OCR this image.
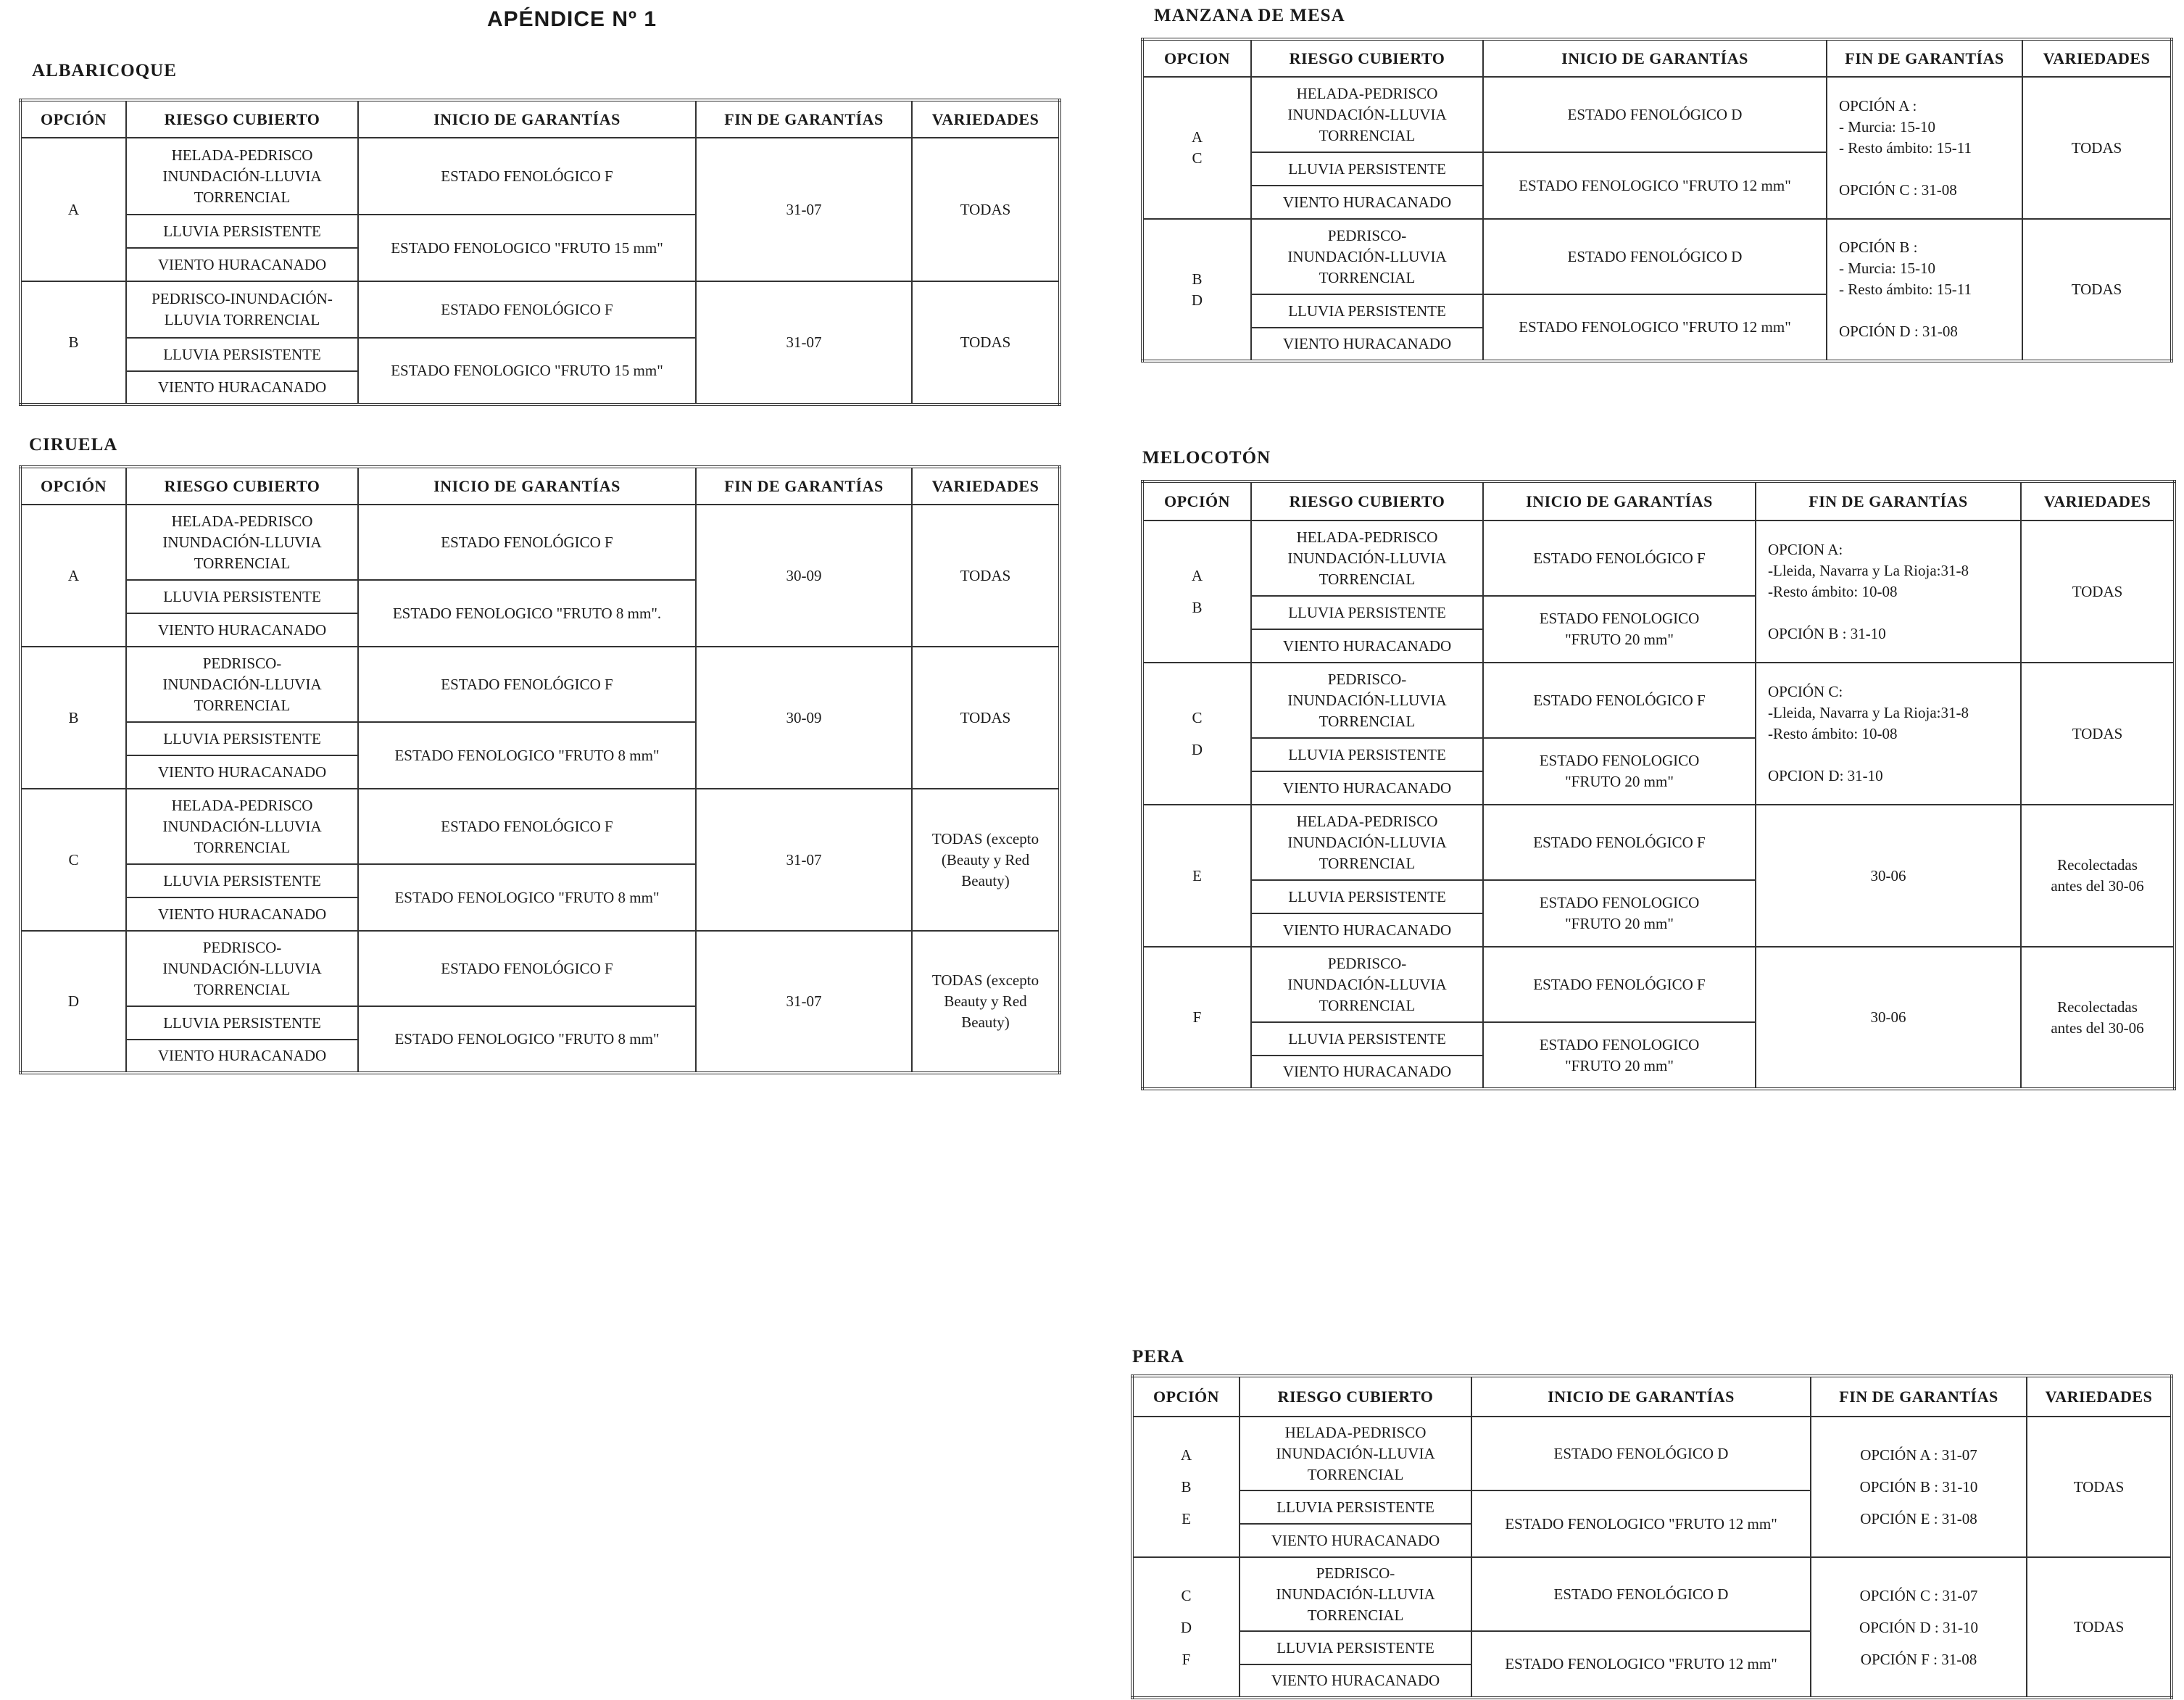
APÉNDICE Nº 1
ALBARICOQUE
OPCIÓN	RIESGO CUBIERTO	INICIO DE GARANTÍAS	FIN DE GARANTÍAS	VARIEDADES
A	HELADA-PEDRISCO
INUNDACIÓN-LLUVIA
TORRENCIAL	ESTADO FENOLÓGICO F	31-07	TODAS
	LLUVIA PERSISTENTE	ESTADO FENOLOGICO "FRUTO 15 mm"		
	VIENTO HURACANADO			
B	PEDRISCO-INUNDACIÓN-
LLUVIA TORRENCIAL	ESTADO FENOLÓGICO F	31-07	TODAS
	LLUVIA PERSISTENTE	ESTADO FENOLOGICO "FRUTO 15 mm"		
	VIENTO HURACANADO			
CIRUELA
OPCIÓN	RIESGO CUBIERTO	INICIO DE GARANTÍAS	FIN DE GARANTÍAS	VARIEDADES
A	HELADA-PEDRISCO
INUNDACIÓN-LLUVIA
TORRENCIAL	ESTADO FENOLÓGICO F	30-09	TODAS
	LLUVIA PERSISTENTE	ESTADO FENOLOGICO "FRUTO 8 mm".		
	VIENTO HURACANADO			
B	PEDRISCO-
INUNDACIÓN-LLUVIA
TORRENCIAL	ESTADO FENOLÓGICO F	30-09	TODAS
	LLUVIA PERSISTENTE	ESTADO FENOLOGICO "FRUTO 8 mm"		
	VIENTO HURACANADO			
C	HELADA-PEDRISCO
INUNDACIÓN-LLUVIA
TORRENCIAL	ESTADO FENOLÓGICO F	31-07	TODAS (excepto
(Beauty y Red
Beauty)
	LLUVIA PERSISTENTE	ESTADO FENOLOGICO "FRUTO 8 mm"		
	VIENTO HURACANADO			
D	PEDRISCO-
INUNDACIÓN-LLUVIA
TORRENCIAL	ESTADO FENOLÓGICO F	31-07	TODAS (excepto
Beauty y Red
Beauty)
	LLUVIA PERSISTENTE	ESTADO FENOLOGICO "FRUTO 8 mm"		
	VIENTO HURACANADO			
MANZANA DE MESA
OPCION	RIESGO CUBIERTO	INICIO DE GARANTÍAS	FIN DE GARANTÍAS	VARIEDADES
A
C	HELADA-PEDRISCO
INUNDACIÓN-LLUVIA
TORRENCIAL	ESTADO FENOLÓGICO D	OPCIÓN A :
- Murcia: 15-10
- Resto ámbito: 15-11

OPCIÓN C : 31-08	TODAS
	LLUVIA PERSISTENTE	ESTADO FENOLOGICO "FRUTO 12 mm"		
	VIENTO HURACANADO			
B
D	PEDRISCO-
INUNDACIÓN-LLUVIA
TORRENCIAL	ESTADO FENOLÓGICO D	OPCIÓN B :
- Murcia: 15-10
- Resto ámbito: 15-11

OPCIÓN D : 31-08	TODAS
	LLUVIA PERSISTENTE	ESTADO FENOLOGICO "FRUTO 12 mm"		
	VIENTO HURACANADO			
MELOCOTÓN
OPCIÓN	RIESGO CUBIERTO	INICIO DE GARANTÍAS	FIN DE GARANTÍAS	VARIEDADES
A
B	HELADA-PEDRISCO
INUNDACIÓN-LLUVIA
TORRENCIAL	ESTADO FENOLÓGICO F	OPCION A:
-Lleida, Navarra y La Rioja:31-8
-Resto ámbito: 10-08

OPCIÓN B : 31-10	TODAS
	LLUVIA PERSISTENTE	ESTADO FENOLOGICO
"FRUTO 20 mm"		
	VIENTO HURACANADO			
C
D	PEDRISCO-
INUNDACIÓN-LLUVIA
TORRENCIAL	ESTADO FENOLÓGICO F	OPCIÓN C:
-Lleida, Navarra y La Rioja:31-8
-Resto ámbito: 10-08

OPCION D: 31-10	TODAS
	LLUVIA PERSISTENTE	ESTADO FENOLOGICO
"FRUTO 20 mm"		
	VIENTO HURACANADO			
E	HELADA-PEDRISCO
INUNDACIÓN-LLUVIA
TORRENCIAL	ESTADO FENOLÓGICO F	30-06	Recolectadas
antes del 30-06
	LLUVIA PERSISTENTE	ESTADO FENOLOGICO
"FRUTO 20 mm"		
	VIENTO HURACANADO			
F	PEDRISCO-
INUNDACIÓN-LLUVIA
TORRENCIAL	ESTADO FENOLÓGICO F	30-06	Recolectadas
antes del 30-06
	LLUVIA PERSISTENTE	ESTADO FENOLOGICO
"FRUTO 20 mm"		
	VIENTO HURACANADO			
PERA
OPCIÓN	RIESGO CUBIERTO	INICIO DE GARANTÍAS	FIN DE GARANTÍAS	VARIEDADES
A
B
E	HELADA-PEDRISCO
INUNDACIÓN-LLUVIA
TORRENCIAL	ESTADO FENOLÓGICO D	OPCIÓN A : 31-07
OPCIÓN B : 31-10
OPCIÓN E : 31-08	TODAS
	LLUVIA PERSISTENTE	ESTADO FENOLOGICO "FRUTO 12 mm"		
	VIENTO HURACANADO			
C
D
F	PEDRISCO-
INUNDACIÓN-LLUVIA
TORRENCIAL	ESTADO FENOLÓGICO D	OPCIÓN C : 31-07
OPCIÓN D : 31-10
OPCIÓN F : 31-08	TODAS
	LLUVIA PERSISTENTE	ESTADO FENOLOGICO "FRUTO 12 mm"		
	VIENTO HURACANADO			
